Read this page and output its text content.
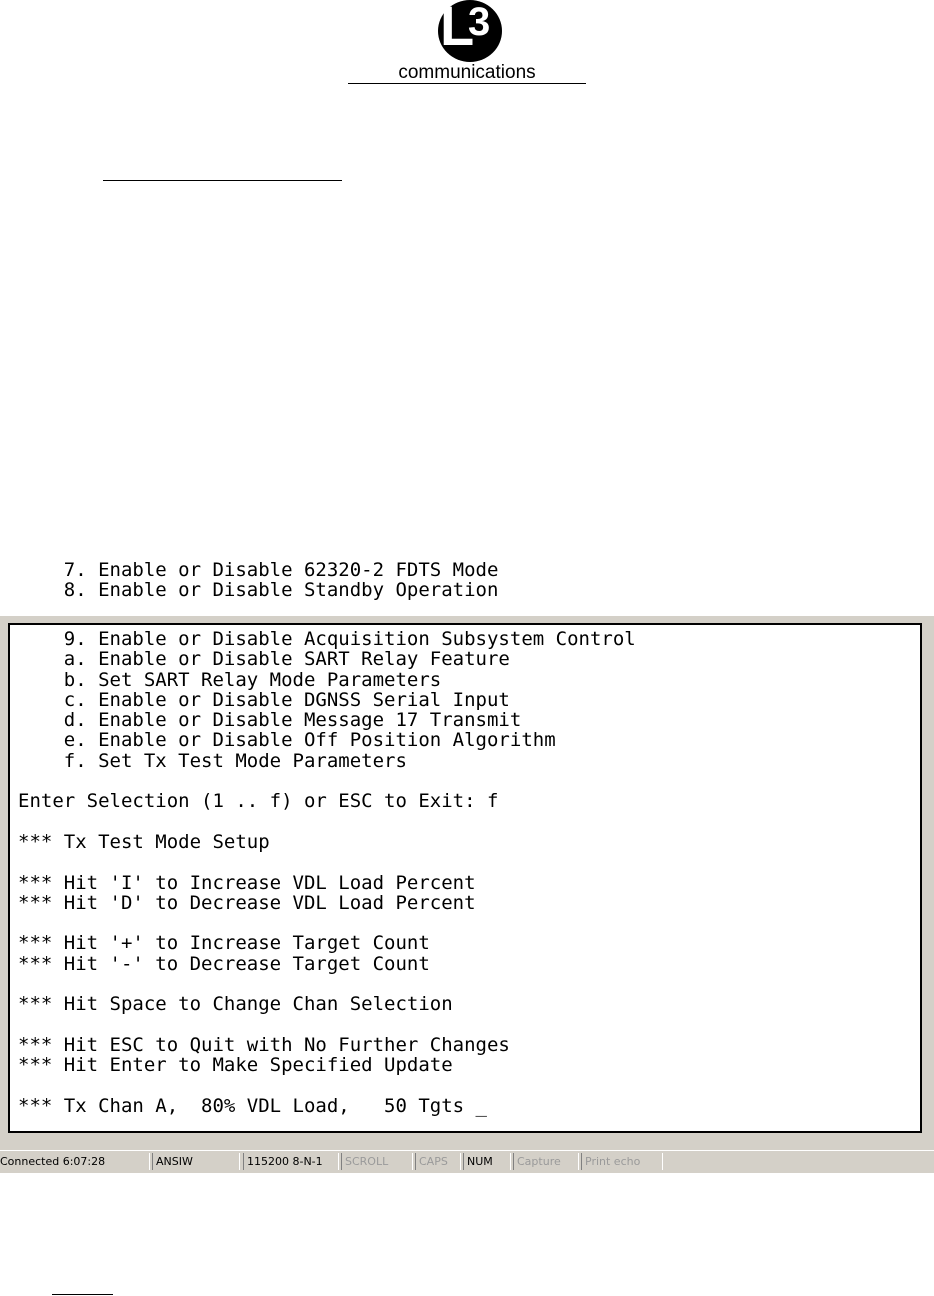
L
3
communications
7. Enable or Disable 62320-2 FDTS Mode
8. Enable or Disable Standby Operation
9. Enable or Disable Acquisition Subsystem Control
a. Enable or Disable SART Relay Feature
b. Set SART Relay Mode Parameters
c. Enable or Disable DGNSS Serial Input
d. Enable or Disable Message 17 Transmit
e. Enable or Disable Off Position Algorithm
f. Set Tx Test Mode Parameters
Enter Selection (1 .. f) or ESC to Exit: f
*** Tx Test Mode Setup
*** Hit 'I' to Increase VDL Load Percent
*** Hit 'D' to Decrease VDL Load Percent
*** Hit '+' to Increase Target Count
*** Hit '-' to Decrease Target Count
*** Hit Space to Change Chan Selection
*** Hit ESC to Quit with No Further Changes
*** Hit Enter to Make Specified Update
*** Tx Chan A,  80% VDL Load,   50 Tgts _
Connected 6:07:28	ANSIW	115200 8-N-1	SCROLL	CAPS	NUM	Capture	Print echo
